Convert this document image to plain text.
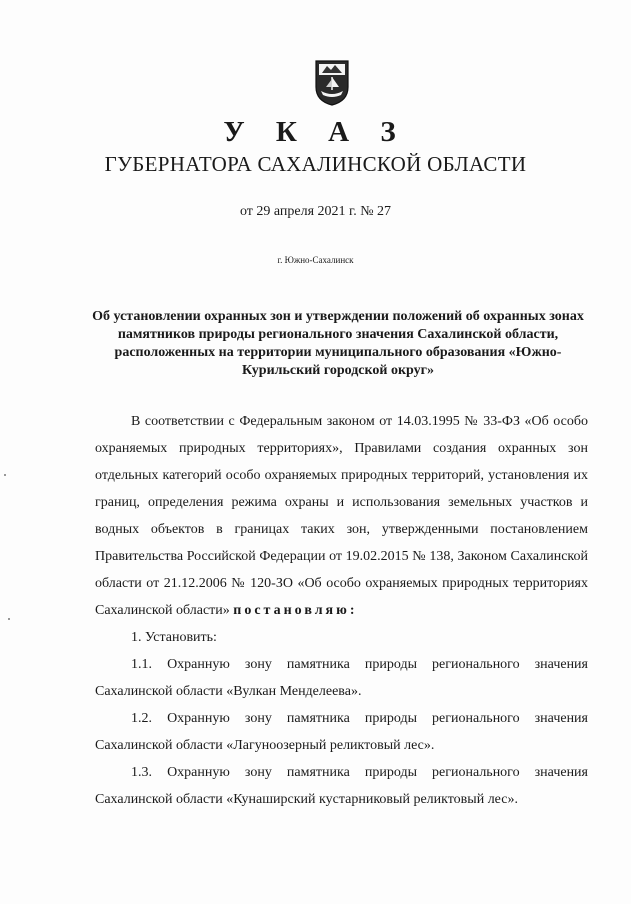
У К А З
ГУБЕРНАТОРА САХАЛИНСКОЙ ОБЛАСТИ
от 29 апреля 2021 г. № 27
г. Южно-Сахалинск
Об установлении охранных зон и утверждении положений об охранных зонах памятников природы регионального значения Сахалинской области, расположенных на территории муниципального образования «Южно-Курильский городской округ»

В соответствии с Федеральным законом от 14.03.1995 № 33-ФЗ «Об особо охраняемых природных территориях», Правилами создания охранных зон отдельных категорий особо охраняемых природных территорий, установления их границ, определения режима охраны и использования земельных участков и водных объектов в границах таких зон, утвержденными постановлением Правительства Российской Федерации от 19.02.2015 № 138, Законом Сахалинской области от 21.12.2006 № 120-ЗО «Об особо охраняемых природных территориях Сахалинской области» постановляю:

1. Установить:

1.1. Охранную зону памятника природы регионального значения Сахалинской области «Вулкан Менделеева».

1.2. Охранную зону памятника природы регионального значения Сахалинской области «Лагуноозерный реликтовый лес».

1.3. Охранную зону памятника природы регионального значения Сахалинской области «Кунаширский кустарниковый реликтовый лес».
